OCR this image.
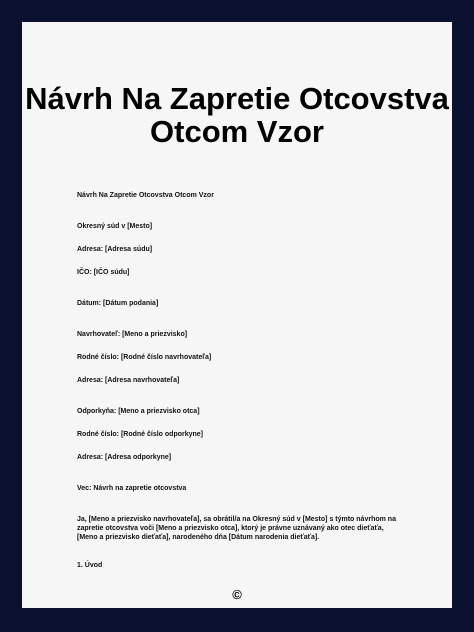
Návrh Na Zapretie Otcovstva Otcom Vzor

Návrh Na Zapretie Otcovstva Otcom Vzor

Okresný súd v [Mesto]

Adresa: [Adresa súdu]

IČO: [IČO súdu]

Dátum: [Dátum podania]

Navrhovateľ: [Meno a priezvisko]

Rodné číslo: [Rodné číslo navrhovateľa]

Adresa: [Adresa navrhovateľa]

Odporkyňa: [Meno a priezvisko otca]

Rodné číslo: [Rodné číslo odporkyne]

Adresa: [Adresa odporkyne]

Vec: Návrh na zapretie otcovstva

Ja, [Meno a priezvisko navrhovateľa], sa obrátil/a na Okresný súd v [Mesto] s týmto návrhom na zapretie otcovstva voči [Meno a priezvisko otca], ktorý je právne uznávaný ako otec dieťaťa, [Meno a priezvisko dieťaťa], narodeného dňa [Dátum narodenia dieťaťa].

1. Úvod

©
